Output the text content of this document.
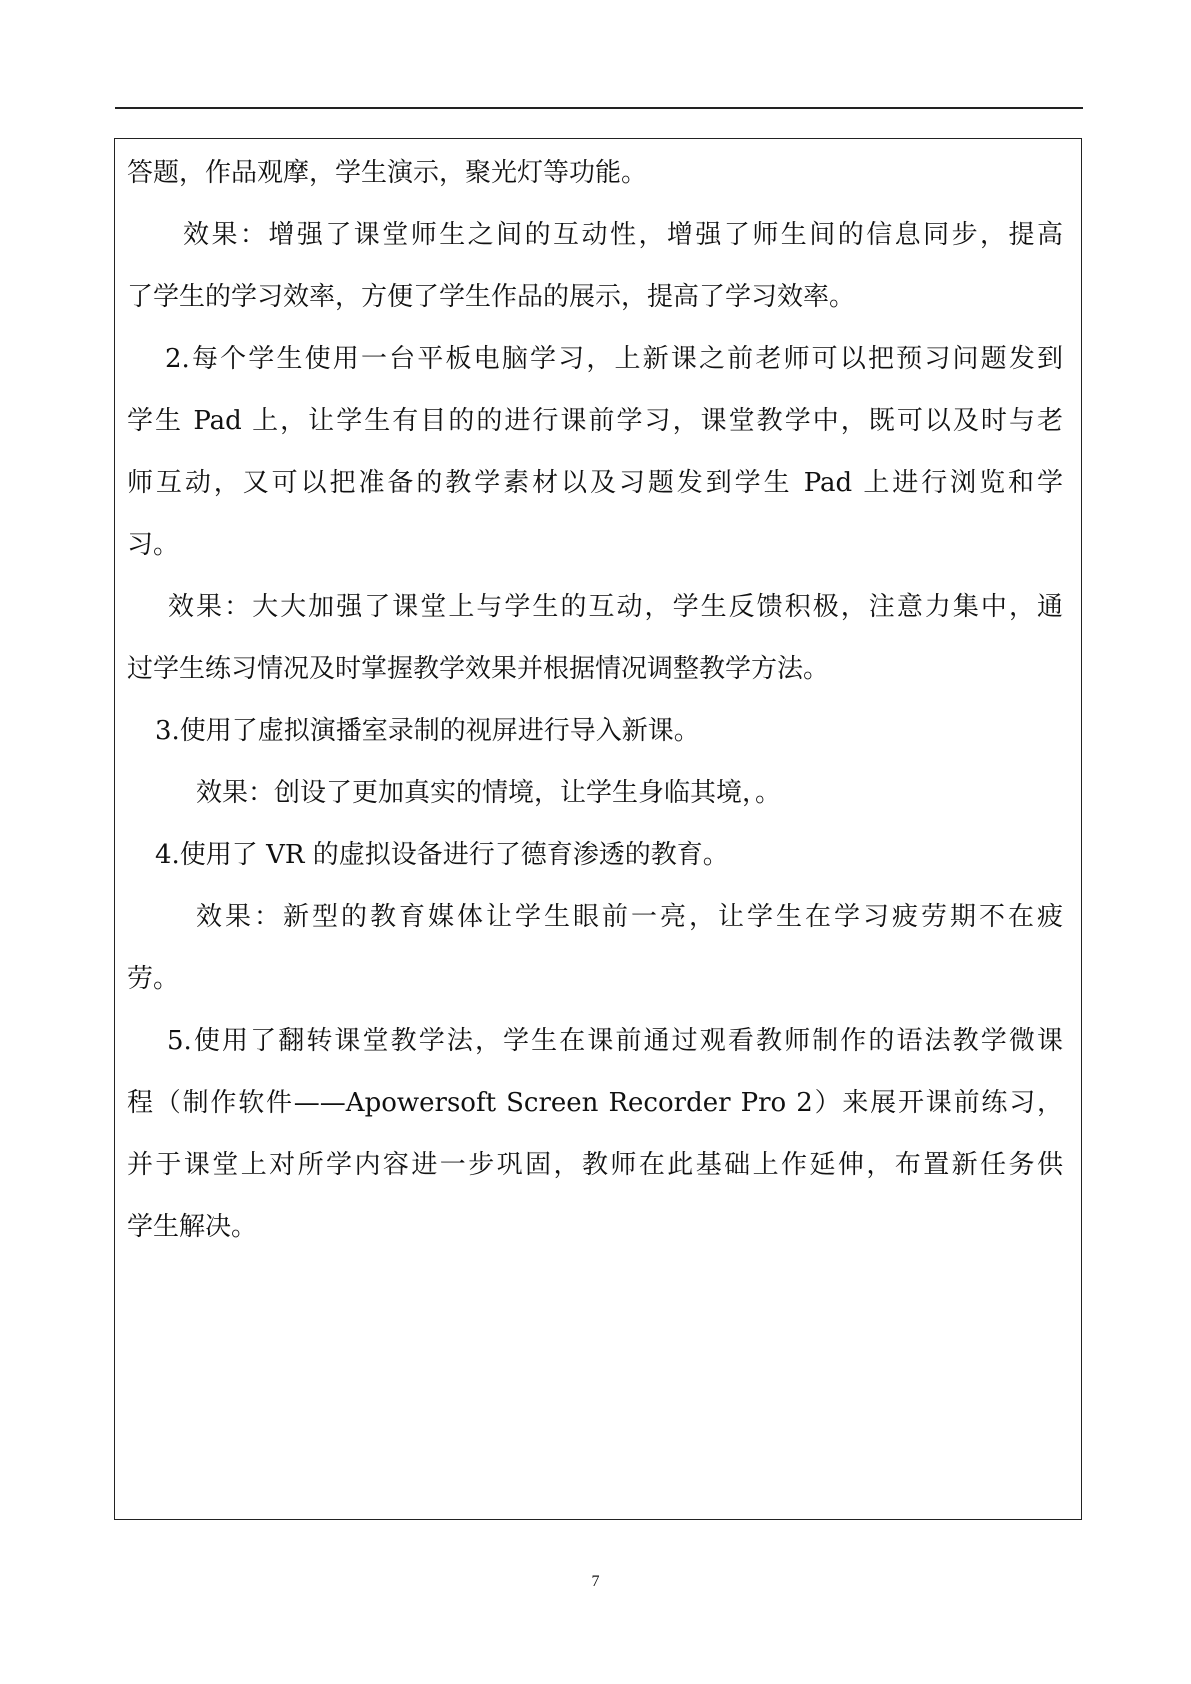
答题，作品观摩，学生演示，聚光灯等功能。
效果：增强了课堂师生之间的互动性，增强了师生间的信息同步，提高
了学生的学习效率，方便了学生作品的展示，提高了学习效率。
2.每个学生使用一台平板电脑学习，上新课之前老师可以把预习问题发到
学生 Pad 上，让学生有目的的进行课前学习，课堂教学中，既可以及时与老
师互动，又可以把准备的教学素材以及习题发到学生 Pad 上进行浏览和学
习。
效果：大大加强了课堂上与学生的互动，学生反馈积极，注意力集中，通
过学生练习情况及时掌握教学效果并根据情况调整教学方法。
3.使用了虚拟演播室录制的视屏进行导入新课。
效果：创设了更加真实的情境，让学生身临其境，。
4.使用了 VR 的虚拟设备进行了德育渗透的教育。
效果：新型的教育媒体让学生眼前一亮，让学生在学习疲劳期不在疲
劳。
5.使用了翻转课堂教学法，学生在课前通过观看教师制作的语法教学微课
程（制作软件——Apowersoft Screen Recorder Pro 2）来展开课前练习，
并于课堂上对所学内容进一步巩固，教师在此基础上作延伸，布置新任务供
学生解决。
7
